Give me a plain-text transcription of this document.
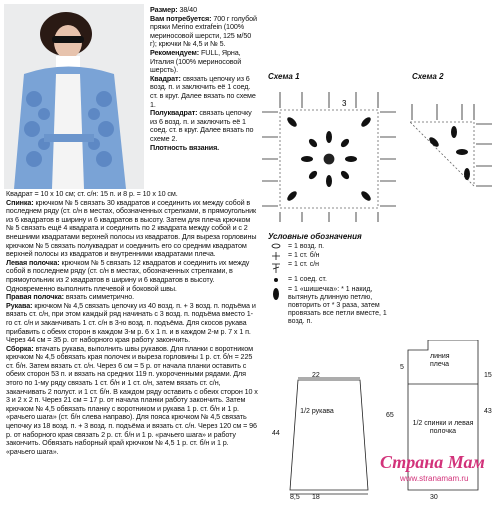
Размер: 38/40
Вам потребуется: 700 г голубой пряжи Merino extrafein (100% мериносовой шерсти, 125 м/50 г); крючки № 4,5 и № 5.
Рекомендуем: FULL, Ярна, Италия (100% мериносовой шерсть).
Квадрат: связать цепочку из 6 возд. п. и заключить её 1 соед. ст. в круг. Далее вязать по схеме 1.
Полуквадрат: связать цепочку из 6 возд. п. и заключить её 1 соед. ст. в круг. Далее вязать по схеме 2.
Плотность вязания.
Квадрат = 10 x 10 см; ст. с/н: 15 п. и 8 р. = 10 x 10 см.
Спинка: крючком № 5 связать 30 квадратов и соединить их между собой в последнем ряду (ст. с/н в местах, обозначенных стрелками, в прямоугольник из 6 квадратов в ширину и 6 квадратов в высоту. Затем для плеча крючком № 5 связать ещё 4 квадрата и соединить по 2 квадрата между собой и с 2 внешними квадратами верхней полосы из квадратов. Для выреза горловины крючком № 5 связать полуквадрат и соединить его со средним квадратом верхней полосы из квадратов и внутренними квадратами плеча.
Левая полочка: крючком № 5 связать 12 квадратов и соединить их между собой в последнем ряду (ст. с/н в местах, обозначенных стрелками, в прямоугольник из 2 квадратов в ширину и 6 квадратов в высоту. Одновременно выполнить плечевой и боковой швы.
Правая полочка: вязать симметрично.
Рукава: крючком № 4,5 связать цепочку из 40 возд. п. + 3 возд. п. подъёма и вязать ст. с/н, при этом каждый ряд начинать с 3 возд. п. подъёма вместо 1-го ст. с/н и заканчивать 1 ст. с/н в 3-ю возд. п. подъёма. Для скосов рукава прибавить с обеих сторон в каждом 3-м р. 6 x 1 п. и в каждом 2-м р. 7 x 1 п. Через 44 см = 35 р. от наборного края работу закончить.
Сборка: втачать рукава, выполнить швы рукавов. Для планки с воротником крючком № 4,5 обвязать края полочек и выреза горловины 1 р. ст. б/н = 225 ст. б/н. Затем вязать ст. с/н. Через 6 см = 5 р. от начала планки оставить с обеих сторон 53 п. и вязать на средних 119 п. укороченными рядами. Для этого по 1-му ряду связать 1 ст. б/н и 1 ст. с/н, затем вязать ст. с/н, заканчивать 2 полуст. и 1 ст. б/н. В каждом ряду оставить с обеих сторон 10 x 3 и 2 x 2 п. Через 21 см = 17 р. от начала планки работу закончить. Затем крючком № 4,5 обвязать планку с воротником и рукава 1 р. ст. б/н и 1 р. «рачьего шага» (ст. б/н слева направо). Для пояса крючком № 4,5 связать цепочку из 18 возд. п. + 3 возд. п. подъёма и вязать ст. с/н. Через 120 см = 96 р. от наборного края связать 2 р. ст. б/н и 1 р. «рачьего шага» и работу закончить. Обвязать наборный край крючком № 4,5 1 р. ст. б/н и 1 р. «рачьего шага».
Схема 1	Схема 2
3
Условные обозначения
= 1 возд. п.
= 1 ст. б/н
= 1 ст. с/н
= 1 соед. ст.
= 1 «шишечка»: * 1 накид, вытянуть длинную петлю, повторить от * 3 раза, затем провязать все петли вместе, 1 возд. п.
1/2 рукава
1/2 спинки и левая полочка
линия плеча
22
44
8,5 18
5
65
15
43
30
Страна Мам
www.stranamam.ru
